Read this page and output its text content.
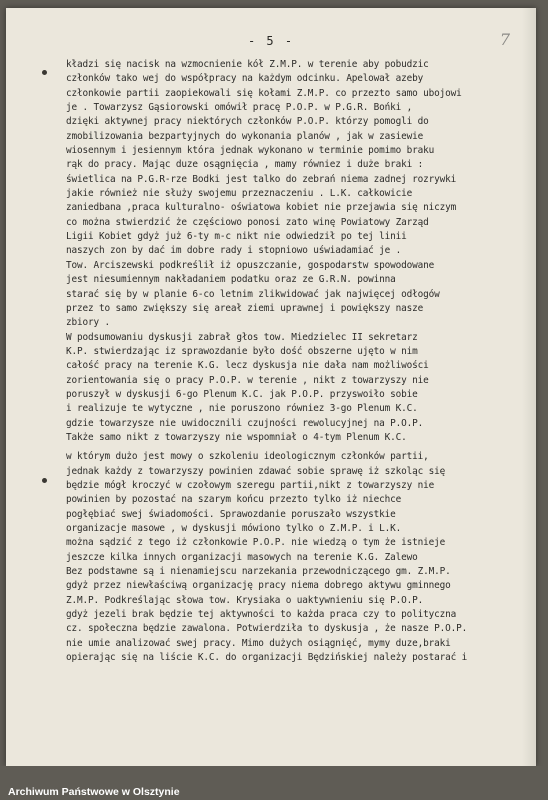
- 5 -	7
kładzi się nacisk na wzmocnienie kół Z.M.P. w terenie aby pobudzic
członków tako wej do współpracy na każdym odcinku. Apelował azeby
członkowie partii zaopiekowali się kołami Z.M.P. co przezto samo ubojowi
je . Towarzysz Gąsiorowski omówił pracę P.O.P. w P.G.R. Bońki ,
dzięki aktywnej pracy niektórych członków P.O.P. którzy pomogli do
zmobilizowania bezpartyjnych do wykonania planów , jak w zasiewie
wiosennym i jesiennym która jednak wykonano w terminie pomimo braku
rąk do pracy. Mając duze osągnięcia , mamy równiez i duże braki :
świetlica na P.G.R-rze Bodki jest talko do zebrań niema zadnej rozrywki
jakie również nie służy swojemu przeznaczeniu . L.K. całkowicie
zaniedbana ,praca kulturalno- oświatowa kobiet nie przejawia się niczym
co można stwierdzić że częściowo ponosi zato winę Powiatowy Zarząd
Ligii Kobiet gdyż już 6-ty m-c nikt nie odwiedził po tej linii
naszych zon by dać im dobre rady i stopniowo uświadamiać je .
Tow. Arciszewski podkreślił iż opuszczanie, gospodarstw spowodowane
jest niesumiennym nakładaniem podatku oraz ze G.R.N. powinna
starać się by w planie 6-co letnim zlikwidować jak najwięcej odłogów
przez to samo zwiększy się areał ziemi uprawnej i powiększy nasze
zbiory .
W podsumowaniu dyskusji zabrał głos tow. Miedzielec II sekretarz
K.P. stwierdzając iz sprawozdanie było dość obszerne ujęto w nim
całość pracy na terenie K.G. lecz dyskusja nie dała nam możliwości
zorientowania się o pracy P.O.P. w terenie , nikt z towarzyszy nie
poruszył w dyskusji 6-go Plenum K.C. jak P.O.P. przyswoiło sobie
i realizuje te wytyczne , nie poruszono równiez 3-go Plenum K.C.
gdzie towarzysze nie uwidocznili czujności rewolucyjnej na P.O.P.
Także samo nikt z towarzyszy nie wspomniał o 4-tym Plenum K.C.
w którym dużo jest mowy o szkoleniu ideologicznym członków partii,
jednak każdy z towarzyszy powinien zdawać sobie sprawę iż szkoląc się
będzie mógł kroczyć w czołowym szeregu partii,nikt z towarzyszy nie
powinien by pozostać na szarym końcu przezto tylko iż niechce
pogłębiać swej świadomości. Sprawozdanie poruszało wszystkie
organizacje masowe , w dyskusji mówiono tylko o Z.M.P. i L.K.
można sądzić z tego iż członkowie P.O.P. nie wiedzą o tym że istnieje
jeszcze kilka innych organizacji masowych na terenie K.G. Zalewo
Bez podstawne są i nienamiejscu narzekania przewodniczącego gm. Z.M.P.
gdyż przez niewłaściwą organizację pracy niema dobrego aktywu gminnego
Z.M.P. Podkreślając słowa tow. Krysiaka o uaktywnieniu się P.O.P.
gdyż jezeli brak będzie tej aktywności to każda praca czy to polityczna
cz. społeczna będzie zawalona. Potwierdziła to dyskusja , że nasze P.O.P.
nie umie analizować swej pracy. Mimo dużych osiągnięć, mymy duze,braki
opierając się na liście K.C. do organizacji Będzińskiej należy postarać i
Archiwum Państwowe w Olsztynie
